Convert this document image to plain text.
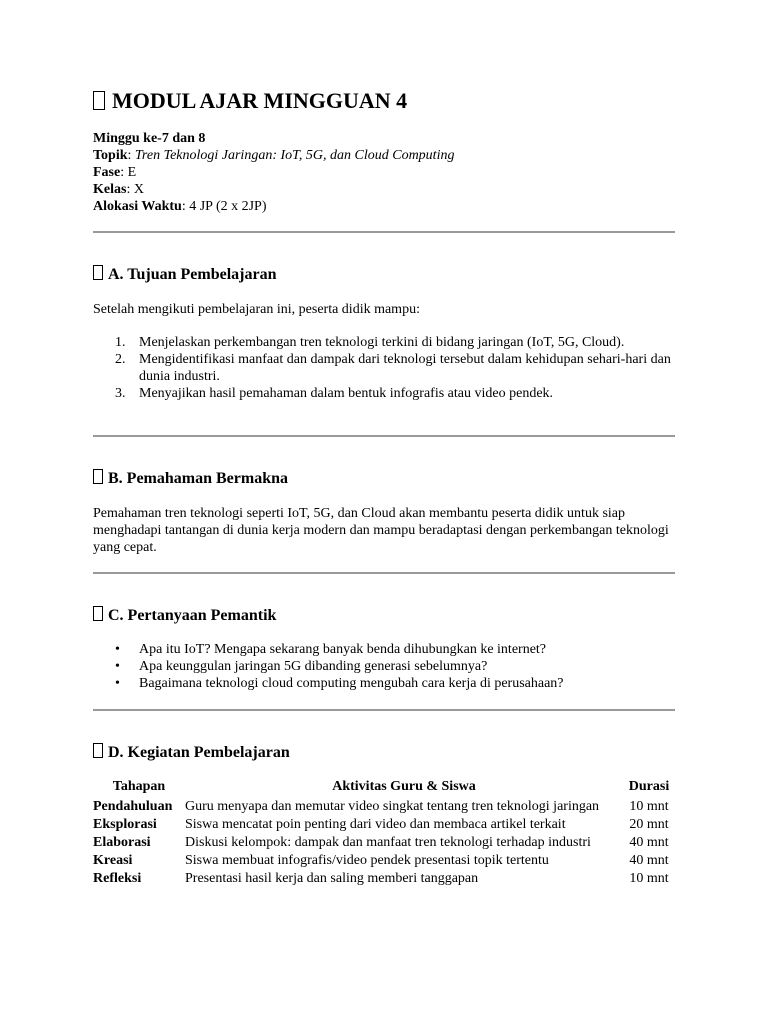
MODUL AJAR MINGGUAN 4
Minggu ke-7 dan 8
Topik: Tren Teknologi Jaringan: IoT, 5G, dan Cloud Computing
Fase: E
Kelas: X
Alokasi Waktu: 4 JP (2 x 2JP)
A. Tujuan Pembelajaran

Setelah mengikuti pembelajaran ini, peserta didik mampu:

1. Menjelaskan perkembangan tren teknologi terkini di bidang jaringan (IoT, 5G, Cloud).
2. Mengidentifikasi manfaat dan dampak dari teknologi tersebut dalam kehidupan sehari-hari dan dunia industri.
3. Menyajikan hasil pemahaman dalam bentuk infografis atau video pendek.
B. Pemahaman Bermakna

Pemahaman tren teknologi seperti IoT, 5G, dan Cloud akan membantu peserta didik untuk siap menghadapi tantangan di dunia kerja modern dan mampu beradaptasi dengan perkembangan teknologi yang cepat.

C. Pertanyaan Pemantik
• Apa itu IoT? Mengapa sekarang banyak benda dihubungkan ke internet?
• Apa keunggulan jaringan 5G dibanding generasi sebelumnya?
• Bagaimana teknologi cloud computing mengubah cara kerja di perusahaan?
D. Kegiatan Pembelajaran
Tahapan	Aktivitas Guru & Siswa	Durasi
Pendahuluan	Guru menyapa dan memutar video singkat tentang tren teknologi jaringan	10 mnt
Eksplorasi	Siswa mencatat poin penting dari video dan membaca artikel terkait	20 mnt
Elaborasi	Diskusi kelompok: dampak dan manfaat tren teknologi terhadap industri	40 mnt
Kreasi	Siswa membuat infografis/video pendek presentasi topik tertentu	40 mnt
Refleksi	Presentasi hasil kerja dan saling memberi tanggapan	10 mnt
